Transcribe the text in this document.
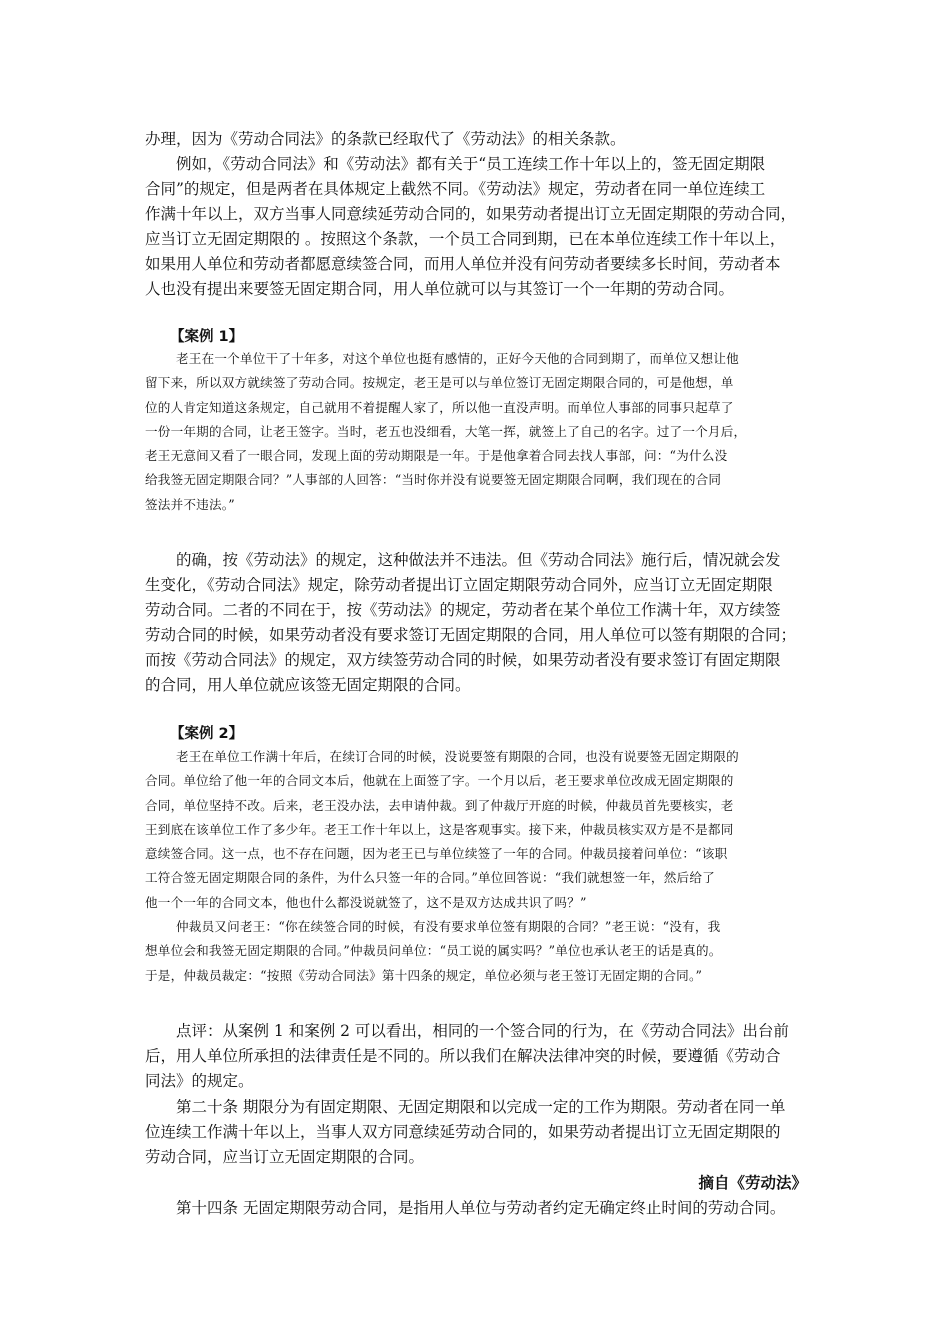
办理，因为《劳动合同法》的条款已经取代了《劳动法》的相关条款。
例如，《劳动合同法》和《劳动法》都有关于“员工连续工作十年以上的，签无固定期限
合同”的规定，但是两者在具体规定上截然不同。《劳动法》规定，劳动者在同一单位连续工
作满十年以上，双方当事人同意续延劳动合同的，如果劳动者提出订立无固定期限的劳动合同，
应当订立无固定期限的 。按照这个条款，一个员工合同到期，已在本单位连续工作十年以上，
如果用人单位和劳动者都愿意续签合同，而用人单位并没有问劳动者要续多长时间，劳动者本
人也没有提出来要签无固定期合同，用人单位就可以与其签订一个一年期的劳动合同。
【案例 1】
老王在一个单位干了十年多，对这个单位也挺有感情的，正好今天他的合同到期了，而单位又想让他
留下来，所以双方就续签了劳动合同。按规定，老王是可以与单位签订无固定期限合同的，可是他想，单
位的人肯定知道这条规定，自己就用不着提醒人家了，所以他一直没声明。而单位人事部的同事只起草了
一份一年期的合同，让老王签字。当时，老五也没细看，大笔一挥，就签上了自己的名字。过了一个月后，
老王无意间又看了一眼合同，发现上面的劳动期限是一年。于是他拿着合同去找人事部，问：“为什么没
给我签无固定期限合同？”人事部的人回答：“当时你并没有说要签无固定期限合同啊，我们现在的合同
签法并不违法。”
的确，按《劳动法》的规定，这种做法并不违法。但《劳动合同法》施行后，情况就会发
生变化，《劳动合同法》规定，除劳动者提出订立固定期限劳动合同外，应当订立无固定期限
劳动合同。二者的不同在于，按《劳动法》的规定，劳动者在某个单位工作满十年，双方续签
劳动合同的时候，如果劳动者没有要求签订无固定期限的合同，用人单位可以签有期限的合同；
而按《劳动合同法》的规定，双方续签劳动合同的时候，如果劳动者没有要求签订有固定期限
的合同，用人单位就应该签无固定期限的合同。
【案例 2】
老王在单位工作满十年后，在续订合同的时候，没说要签有期限的合同，也没有说要签无固定期限的
合同。单位给了他一年的合同文本后，他就在上面签了字。一个月以后，老王要求单位改成无固定期限的
合同，单位坚持不改。后来，老王没办法，去申请仲裁。到了仲裁厅开庭的时候，仲裁员首先要核实，老
王到底在该单位工作了多少年。老王工作十年以上，这是客观事实。接下来，仲裁员核实双方是不是都同
意续签合同。这一点，也不存在问题，因为老王已与单位续签了一年的合同。仲裁员接着问单位：“该职
工符合签无固定期限合同的条件，为什么只签一年的合同。”单位回答说：“我们就想签一年，然后给了
他一个一年的合同文本，他也什么都没说就签了，这不是双方达成共识了吗？”
仲裁员又问老王：“你在续签合同的时候，有没有要求单位签有期限的合同？”老王说：“没有，我
想单位会和我签无固定期限的合同。”仲裁员问单位：“员工说的属实吗？”单位也承认老王的话是真的。
于是，仲裁员裁定：“按照《劳动合同法》第十四条的规定，单位必须与老王签订无固定期的合同。”
点评：从案例 1 和案例 2 可以看出，相同的一个签合同的行为，在《劳动合同法》出台前
后，用人单位所承担的法律责任是不同的。所以我们在解决法律冲突的时候，要遵循《劳动合
同法》的规定。
第二十条 期限分为有固定期限、无固定期限和以完成一定的工作为期限。劳动者在同一单
位连续工作满十年以上，当事人双方同意续延劳动合同的，如果劳动者提出订立无固定期限的
劳动合同，应当订立无固定期限的合同。
摘自《劳动法》
第十四条 无固定期限劳动合同，是指用人单位与劳动者约定无确定终止时间的劳动合同。
